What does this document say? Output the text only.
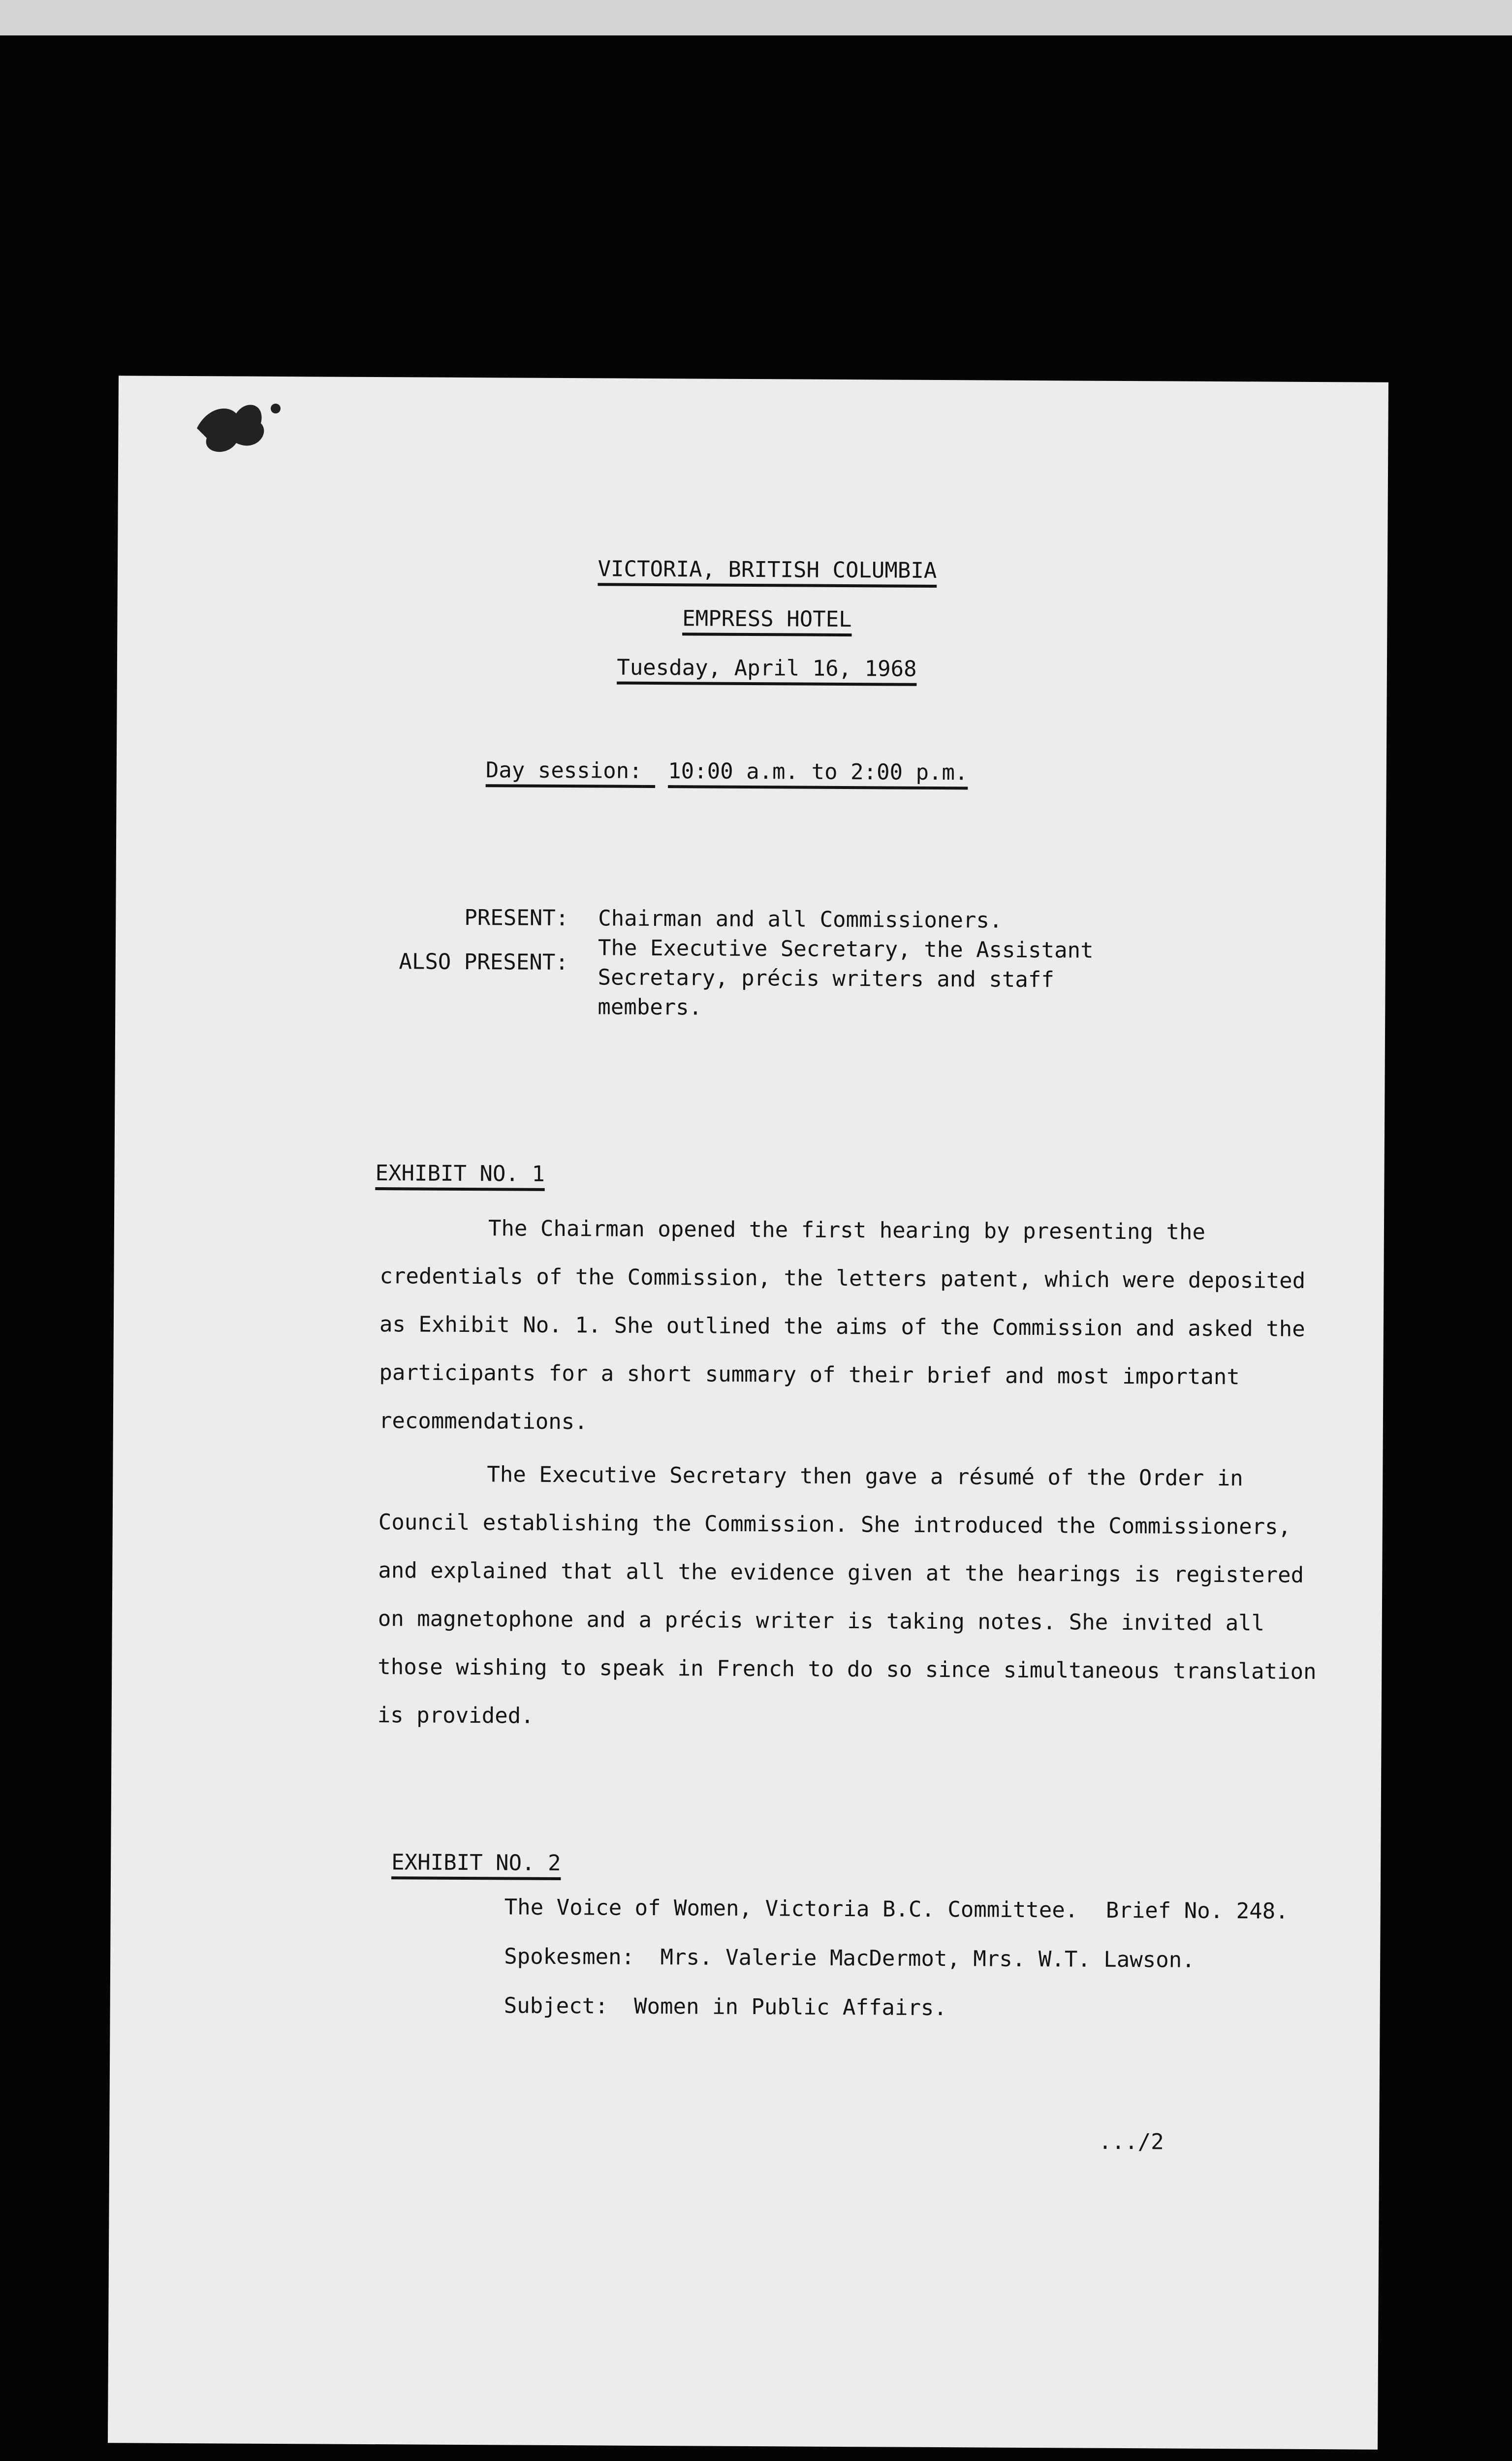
VICTORIA, BRITISH COLUMBIA
EMPRESS HOTEL
Tuesday, April 16, 1968
Day session: 10:00 a.m. to 2:00 p.m.
PRESENT: Chairman and all Commissioners.
ALSO PRESENT: The Executive Secretary, the Assistant
Secretary, précis writers and staff
members.
EXHIBIT NO. 1
The Chairman opened the first hearing by presenting the credentials of the Commission, the letters patent, which were deposited as Exhibit No. 1. She outlined the aims of the Commission and asked the participants for a short summary of their brief and most important recommendations.
The Executive Secretary then gave a résumé of the Order in Council establishing the Commission. She introduced the Commissioners, and explained that all the evidence given at the hearings is registered on magnetophone and a précis writer is taking notes. She invited all those wishing to speak in French to do so since simultaneous translation is provided.
EXHIBIT NO. 2
The Voice of Women, Victoria B.C. Committee. Brief No. 248.
Spokesmen: Mrs. Valerie MacDermot, Mrs. W.T. Lawson.
Subject: Women in Public Affairs.
.../2
